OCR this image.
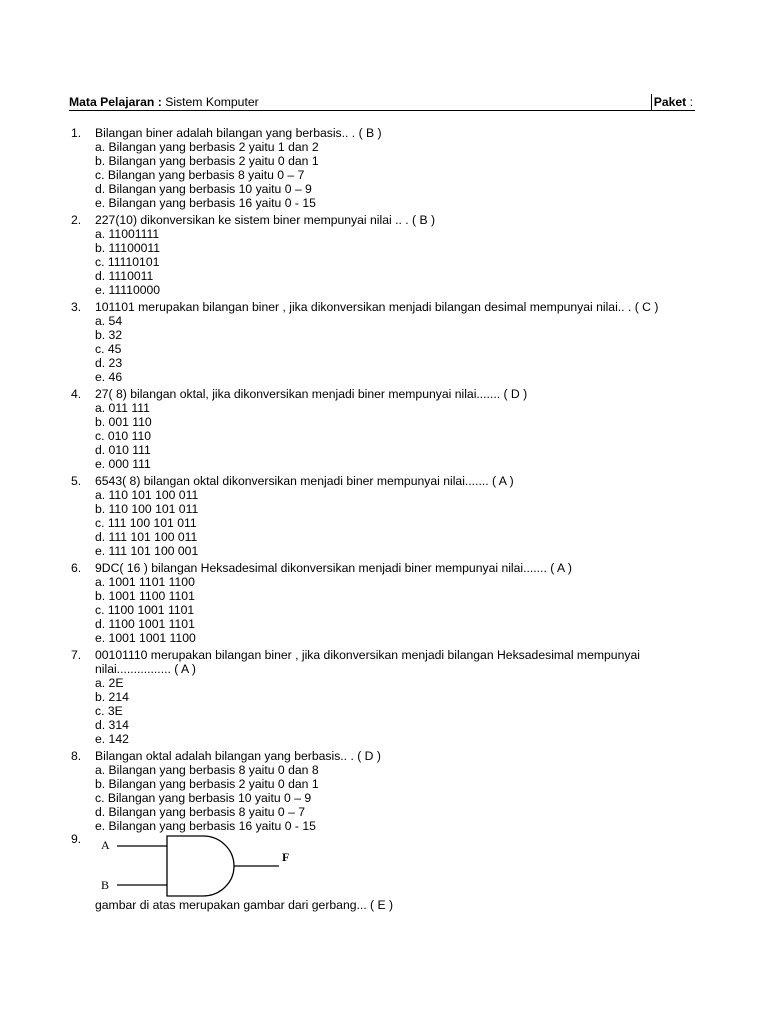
Mata Pelajaran : Sistem Komputer	Paket :
1.	Bilangan biner adalah bilangan yang berbasis.. . ( B )
a. Bilangan yang berbasis 2 yaitu 1 dan 2
b. Bilangan yang berbasis 2 yaitu 0 dan 1
c. Bilangan yang berbasis 8 yaitu 0 – 7
d. Bilangan yang berbasis 10 yaitu 0 – 9
e. Bilangan yang berbasis 16 yaitu 0 - 15
2.	227(10) dikonversikan ke sistem biner mempunyai nilai .. . ( B )
a. 11001111
b. 11100011
c. 11110101
d. 1110011
e. 11110000
3.	101101 merupakan bilangan biner , jika dikonversikan menjadi bilangan desimal mempunyai nilai.. . ( C )
a. 54
b. 32
c. 45
d. 23
e. 46
4.	27( 8) bilangan oktal, jika dikonversikan menjadi biner mempunyai nilai....... ( D )
a. 011 111
b. 001 110
c. 010 110
d. 010 111
e. 000 111
5.	6543( 8) bilangan oktal dikonversikan menjadi biner mempunyai nilai....... ( A )
a. 110 101 100 011
b. 110 100 101 011
c. 111 100 101 011
d. 111 101 100 011
e. 111 101 100 001
6.	9DC( 16 ) bilangan Heksadesimal dikonversikan menjadi biner mempunyai nilai....... ( A )
a. 1001 1101 1100
b. 1001 1100 1101
c. 1100 1001 1101
d. 1100 1001 1101
e. 1001 1001 1100
7.	00101110 merupakan bilangan biner , jika dikonversikan menjadi bilangan Heksadesimal mempunyai nilai................ ( A )
a. 2E
b. 214
c. 3E
d. 314
e. 142
8.	Bilangan oktal adalah bilangan yang berbasis.. . ( D )
a. Bilangan yang berbasis 8 yaitu 0 dan 8
b. Bilangan yang berbasis 2 yaitu 0 dan 1
c. Bilangan yang berbasis 10 yaitu 0 – 9
d. Bilangan yang berbasis 8 yaitu 0 – 7
e. Bilangan yang berbasis 16 yaitu 0 - 15
9.	A
B
F
gambar di atas merupakan gambar dari gerbang... ( E )
